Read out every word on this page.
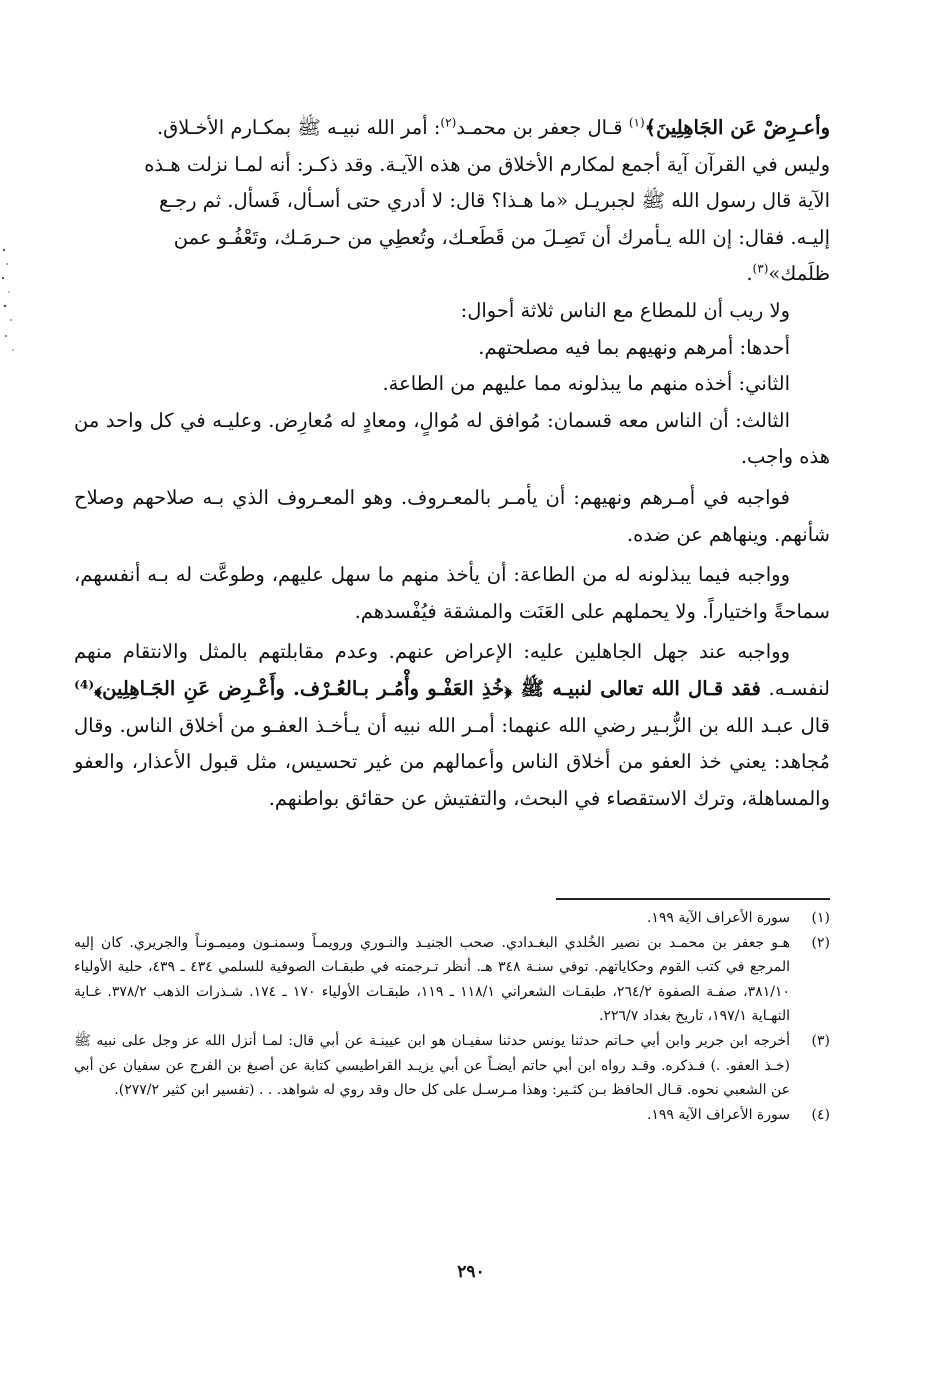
وأعـرِضْ عَن الجَاهِلِينَ﴾$^{(١)}$ قـال جعفر بن محمـد$^{(٢)}$: أمر الله نبيـه ﷺ بمكـارم الأخـلاق.

وليس في القرآن آية أجمع لمكارم الأخلاق من هذه الآيـة. وقد ذكـر: أنه لمـا نزلت هـذه

الآية قال رسول الله ﷺ لجبريـل «ما هـذا؟ قال: لا أدري حتى أسـأل، فَسأل. ثم رجـع

إليـه. فقال: إن الله يـأمرك أن تَصِـلَ من قَطَعـك، وتُعطِي من حـرمَـك، وتَعْفُـو عمن

ظلَمك»$^{(٣)}$.

ولا ريب أن للمطاع مع الناس ثلاثة أحوال:

أحدها: أمرهم ونهيهم بما فيه مصلحتهم.

الثاني: أخذه منهم ما يبذلونه مما عليهم من الطاعة.

الثالث: أن الناس معه قسمان: مُوافق له مُوالٍ، ومعادٍ له مُعارِض. وعليـه في كل واحد من هذه واجب.

فواجبه في أمـرهم ونهيهم: أن يأمـر بالمعـروف. وهو المعـروف الذي بـه صلاحهم وصلاح شأنهم. وينهاهم عن ضده.

وواجبه فيما يبذلونه له من الطاعة: أن يأخذ منهم ما سهل عليهم، وطوعَّت له بـه أنفسهم، سماحةً واختياراً. ولا يحملهم على العَنَت والمشقة فيُفْسدهم.

وواجبه عند جهل الجاهلين عليه: الإعراض عنهم. وعدم مقابلتهم بالمثل والانتقام منهم لنفسـه. فقد قـال الله تعالى لنبيـه ﷺ ﴿خُذِ العَفْـو وأْمُـر بـالعُـرْف. وأَعْـرِض عَنِ الجَـاهِلِين﴾⁽⁴⁾ قال عبـد الله بن الزُّبـير رضي الله عنهما: أمـر الله نبيه أن يـأخـذ العفـو من أخلاق الناس. وقال مُجاهد: يعني خذ العفو من أخلاق الناس وأعمالهم من غير تحسيس، مثل قبول الأعذار، والعفو والمساهلة، وترك الاستقصاء في البحث، والتفتيش عن حقائق بواطنهم.

(١)
سورة الأعراف الآية ١٩٩.
(٢)
هـو جعفر بن محمـد بن نصير الخُلدي البغـدادي. صحب الجنيـد والنـوري ورويمـاً وسمنـون وميمـونـاً والجريري. كان إليه المرجع في كتب القوم وحكاياتهم. توفي سنـة ٣٤٨ هـ. أنظر تـرجمته في طبقـات الصوفية للسلمي ٤٣٤ ـ ٤٣٩، حلية الأولياء ٣٨١/١٠، صفـة الصفوة ٢٦٤/٢، طبقـات الشعراني ١١٨/١ ـ ١١٩، طبقـات الأولياء ١٧٠ ـ ١٧٤. شـذرات الذهب ٣٧٨/٢. غـاية النهـاية ١٩٧/١، تاريخ بغداد ٢٢٦/٧.
(٣)
أخرجه ابن جرير وابن أبي حـاتم حدثنا يونس حدثنا سفيـان هو ابن عيينـة عن أبي قال: لمـا أنزل الله عز وجل على نبيه ﷺ (خـذ العفو. .) فـذكره. وقـد رواه ابن أبي حاتم أيضـاً عن أبي يزيـد القراطيسي كتابة عن أصبغ بن الفرج عن سفيان عن أبي عن الشعبي نحوه. قـال الحافظ بـن كثـير: وهذا مـرسـل على كل حال وقد روي له شواهد. . . (تفسير ابن كثير ٢٧٧/٢).
(٤)
سورة الأعراف الآية ١٩٩.
٢٩٠
